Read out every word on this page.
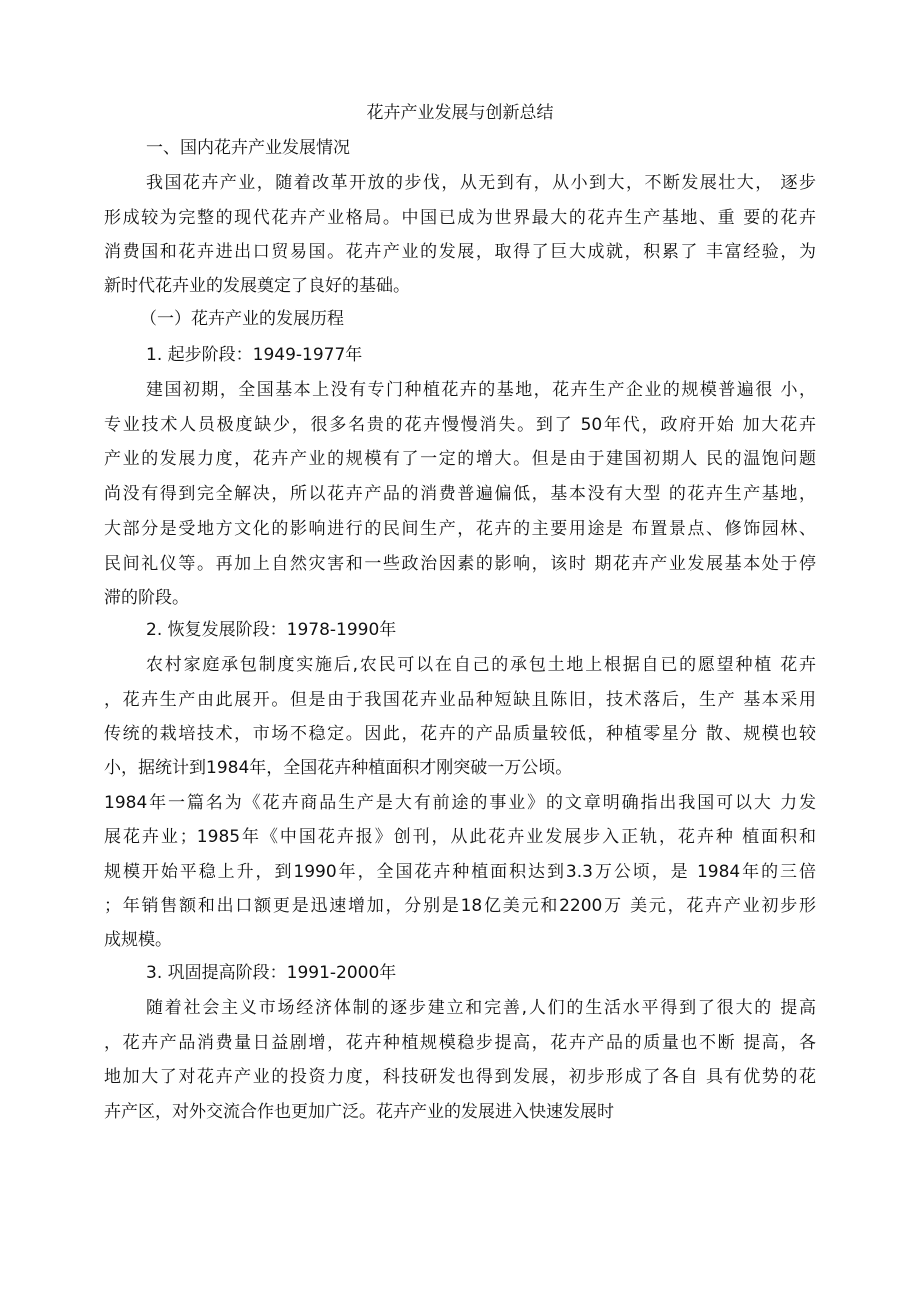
花卉产业发展与创新总结
一、国内花卉产业发展情况
我国花卉产业，随着改革开放的步伐，从无到有，从小到大，不断发展壮大， 逐步
形成较为完整的现代花卉产业格局。中国已成为世界最大的花卉生产基地、重 要的花卉
消费国和花卉进出口贸易国。花卉产业的发展，取得了巨大成就，积累了 丰富经验，为
新时代花卉业的发展奠定了良好的基础。
（一）花卉产业的发展历程
1. 起步阶段：1949-1977年
建国初期，全国基本上没有专门种植花卉的基地，花卉生产企业的规模普遍很 小，
专业技术人员极度缺少，很多名贵的花卉慢慢消失。到了 50年代，政府开始 加大花卉
产业的发展力度，花卉产业的规模有了一定的增大。但是由于建国初期人 民的温饱问题
尚没有得到完全解决，所以花卉产品的消费普遍偏低，基本没有大型 的花卉生产基地，
大部分是受地方文化的影响进行的民间生产，花卉的主要用途是 布置景点、修饰园林、
民间礼仪等。再加上自然灾害和一些政治因素的影响，该时 期花卉产业发展基本处于停
滞的阶段。
2. 恢复发展阶段：1978-1990年
农村家庭承包制度实施后,农民可以在自己的承包土地上根据自已的愿望种植 花卉
，花卉生产由此展开。但是由于我国花卉业品种短缺且陈旧，技术落后，生产 基本采用
传统的栽培技术，市场不稳定。因此，花卉的产品质量较低，种植零星分 散、规模也较
小，据统计到1984年，全国花卉种植面积才刚突破一万公顷。
1984年一篇名为《花卉商品生产是大有前途的事业》的文章明确指出我国可以大 力发
展花卉业；1985年《中国花卉报》创刊，从此花卉业发展步入正轨，花卉种 植面积和
规模开始平稳上升，到1990年，全国花卉种植面积达到3.3万公顷，是 1984年的三倍
；年销售额和出口额更是迅速增加，分别是18亿美元和2200万 美元，花卉产业初步形
成规模。
3. 巩固提高阶段：1991-2000年
随着社会主义市场经济体制的逐步建立和完善,人们的生活水平得到了很大的 提高
，花卉产品消费量日益剧增，花卉种植规模稳步提高，花卉产品的质量也不断 提高，各
地加大了对花卉产业的投资力度，科技研发也得到发展，初步形成了各自 具有优势的花
卉产区，对外交流合作也更加广泛。花卉产业的发展进入快速发展时
